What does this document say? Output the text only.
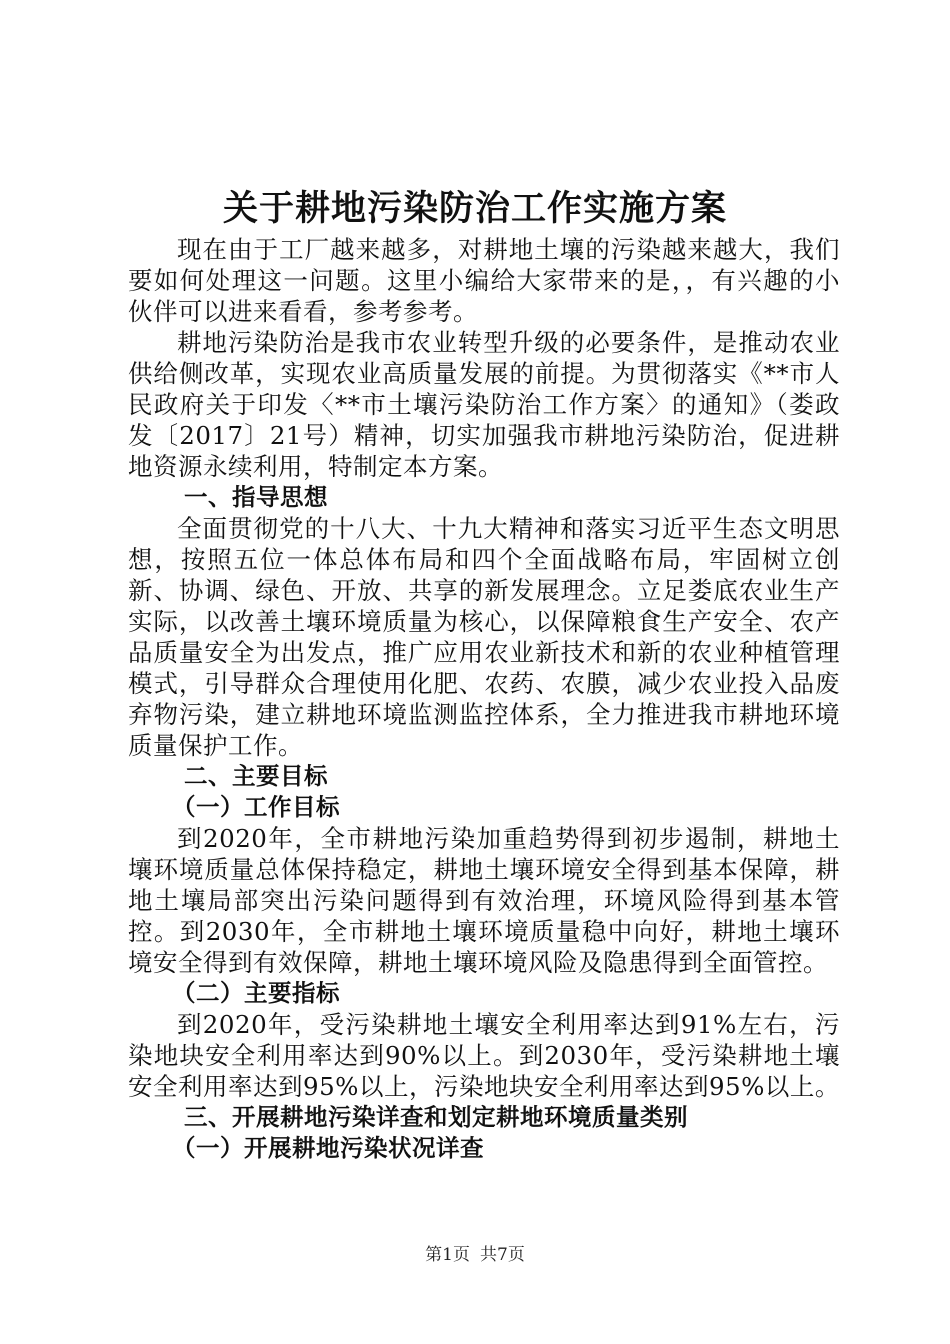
关于耕地污染防治工作实施方案

现在由于工厂越来越多，对耕地土壤的污染越来越大，我们要如何处理这一问题。这里小编给大家带来的是，，有兴趣的小伙伴可以进来看看，参考参考。

耕地污染防治是我市农业转型升级的必要条件，是推动农业供给侧改革，实现农业高质量发展的前提。为贯彻落实《**市人民政府关于印发〈**市土壤污染防治工作方案〉的通知》（娄政发〔2017〕21号）精神，切实加强我市耕地污染防治，促进耕地资源永续利用，特制定本方案。

一、指导思想

全面贯彻党的十八大、十九大精神和落实习近平生态文明思想，按照五位一体总体布局和四个全面战略布局，牢固树立创新、协调、绿色、开放、共享的新发展理念。立足娄底农业生产实际，以改善土壤环境质量为核心，以保障粮食生产安全、农产品质量安全为出发点，推广应用农业新技术和新的农业种植管理模式，引导群众合理使用化肥、农药、农膜，减少农业投入品废弃物污染，建立耕地环境监测监控体系，全力推进我市耕地环境质量保护工作。

二、主要目标

（一）工作目标

到2020年，全市耕地污染加重趋势得到初步遏制，耕地土壤环境质量总体保持稳定，耕地土壤环境安全得到基本保障，耕地土壤局部突出污染问题得到有效治理，环境风险得到基本管控。到2030年，全市耕地土壤环境质量稳中向好，耕地土壤环境安全得到有效保障，耕地土壤环境风险及隐患得到全面管控。

（二）主要指标

到2020年，受污染耕地土壤安全利用率达到91%左右，污染地块安全利用率达到90%以上。到2030年，受污染耕地土壤安全利用率达到95%以上，污染地块安全利用率达到95%以上。

三、开展耕地污染详查和划定耕地环境质量类别

（一）开展耕地污染状况详查

第1页 共7页
